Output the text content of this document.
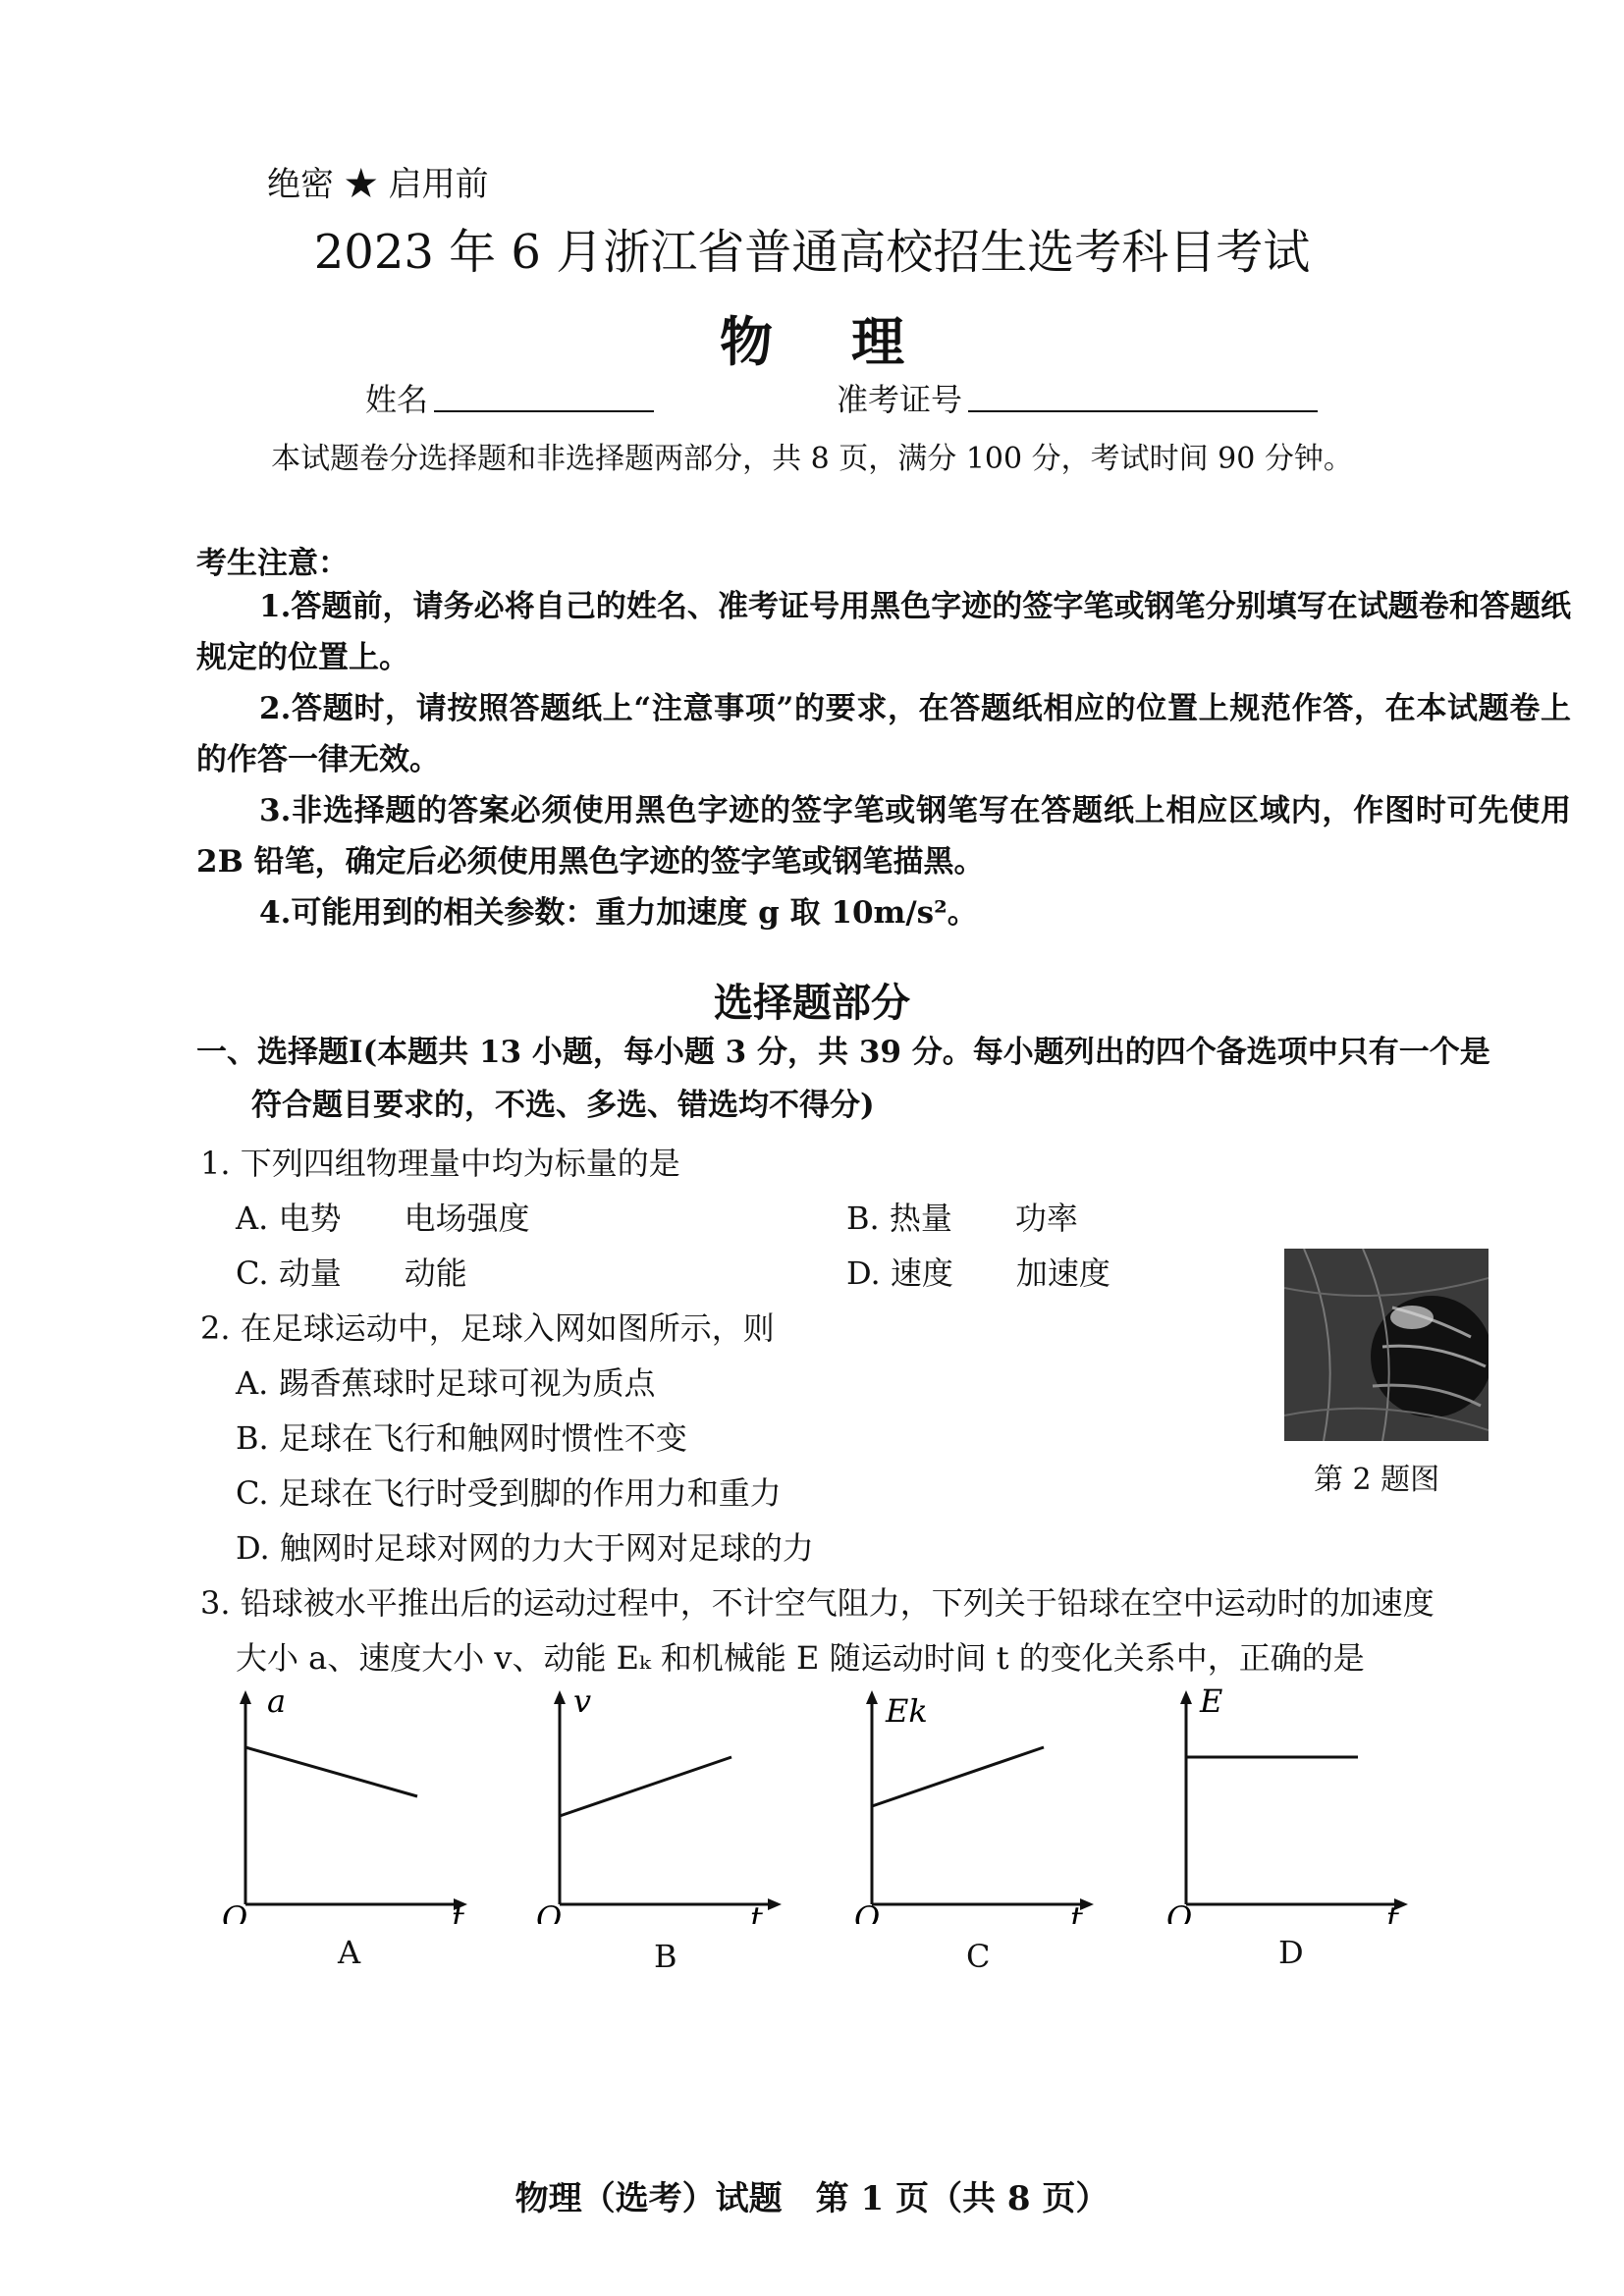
绝密 ★ 启用前
2023 年 6 月浙江省普通高校招生选考科目考试
物理
姓名	准考证号
本试题卷分选择题和非选择题两部分，共 8 页，满分 100 分，考试时间 90 分钟。
考生注意：
1.答题前，请务必将自己的姓名、准考证号用黑色字迹的签字笔或钢笔分别填写在试题卷和答题纸规定的位置上。
2.答题时，请按照答题纸上“注意事项”的要求，在答题纸相应的位置上规范作答，在本试题卷上的作答一律无效。
3.非选择题的答案必须使用黑色字迹的签字笔或钢笔写在答题纸上相应区域内，作图时可先使用 2B 铅笔，确定后必须使用黑色字迹的签字笔或钢笔描黑。
4.可能用到的相关参数：重力加速度 g 取 10m/s²。
选择题部分
一、选择题Ⅰ(本题共 13 小题，每小题 3 分，共 39 分。每小题列出的四个备选项中只有一个是
符合题目要求的，不选、多选、错选均不得分)
1. 下列四组物理量中均为标量的是
A. 电势　　电场强度	B. 热量　　功率
C. 动量　　动能	D. 速度　　加速度
2. 在足球运动中，足球入网如图所示，则
A. 踢香蕉球时足球可视为质点
B. 足球在飞行和触网时惯性不变
C. 足球在飞行时受到脚的作用力和重力
D. 触网时足球对网的力大于网对足球的力
第 2 题图
3. 铅球被水平推出后的运动过程中，不计空气阻力，下列关于铅球在空中运动时的加速度
大小 a、速度大小 v、动能 Eₖ 和机械能 E 随运动时间 t 的变化关系中，正确的是
a
t
O
v
t
O
Ek
t
O
E
t
O
A	B	C	D
物理（选考）试题　第 1 页（共 8 页）
